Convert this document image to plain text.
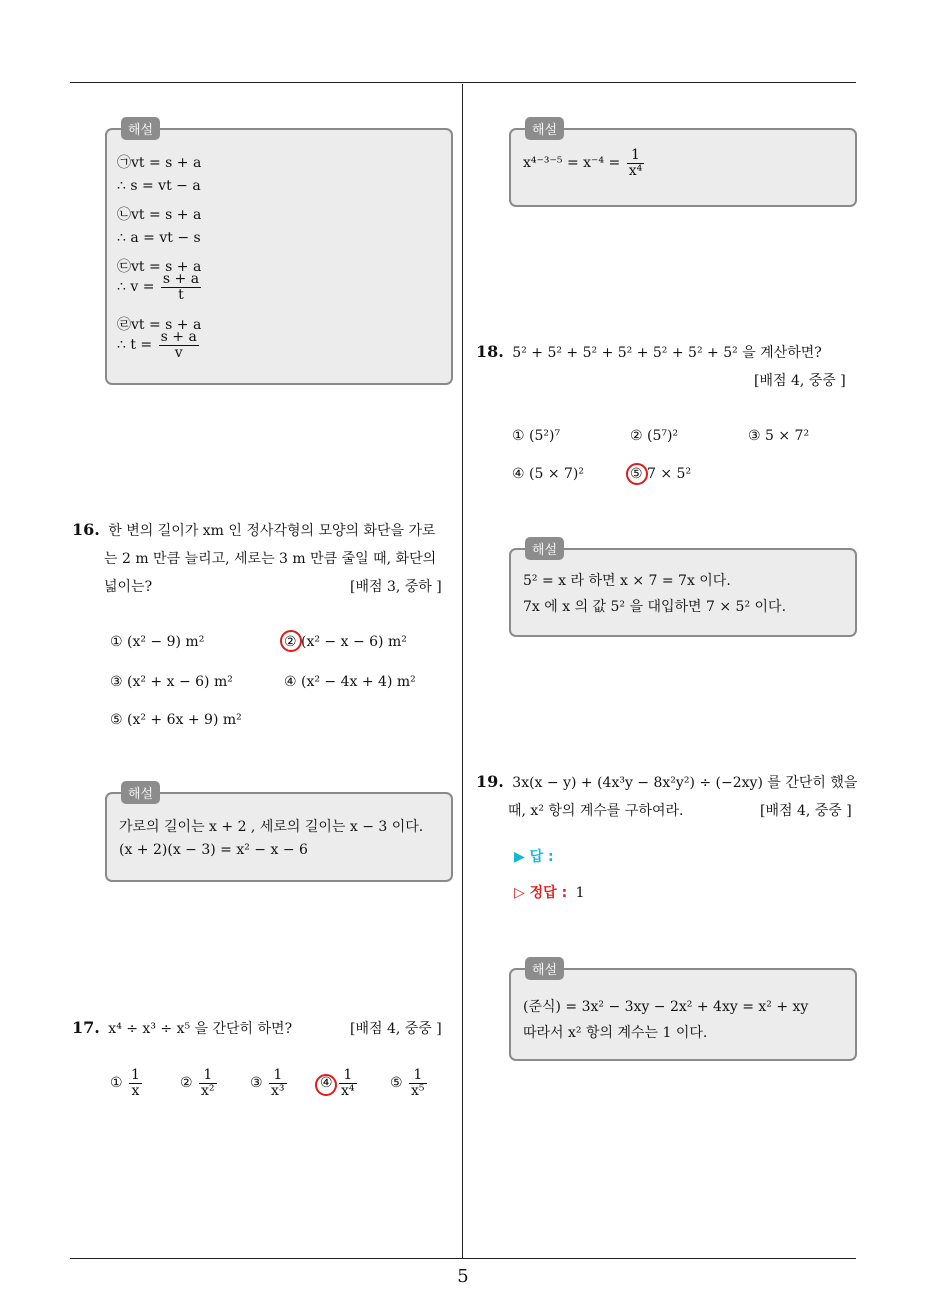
해설
㉠vt = s + a
∴ s = vt − a
㉡vt = s + a
∴ a = vt − s
㉢vt = s + a
∴ $v = \frac{s + a}{t}$
㉣vt = s + a
∴ $t = \frac{s + a}{v}$
16. 한 변의 길이가 xm 인 정사각형의 모양의 화단을 가로
는 2 m 만큼 늘리고, 세로는 3 m 만큼 줄일 때, 화단의
넓이는?	[배점 3, 중하 ]
① (x² − 9) m²	② (x² − x − 6) m²
③ (x² + x − 6) m²	④ (x² − 4x + 4) m²
⑤ (x² + 6x + 9) m²
해설
가로의 길이는 x + 2 , 세로의 길이는 x − 3 이다.
(x + 2)(x − 3) = x² − x − 6
17. x⁴ ÷ x³ ÷ x⁵ 을 간단히 하면?	[배점 4, 중중 ]
① $\frac{1}{x}$	② $\frac{1}{\text{x²}}$ ③ $\frac{1}{\text{x³}}$ ④ $\frac{1}{\text{x⁴}}$ ⑤ $\frac{1}{\text{x⁵}}$
해설
$x^{4-3-5} = x^{-4} = \frac{1}{\text{x⁴}}$
18. 5² + 5² + 5² + 5² + 5² + 5² + 5² 을 계산하면?
[배점 4, 중중 ]
① (5²)⁷	② (5⁷)²	③ 5 × 7²
④ (5 × 7)²	⑤ 7 × 5²
해설
5² = x 라 하면 x × 7 = 7x 이다.
7x 에 x 의 값 5² 을 대입하면 7 × 5² 이다.
19. 3x(x − y) + (4x³y − 8x²y²) ÷ (−2xy) 를 간단히 했을
때, x² 항의 계수를 구하여라.	[배점 4, 중중 ]
▶ 답 :
▷ 정답 : 1
해설
(준식) = 3x² − 3xy − 2x² + 4xy = x² + xy
따라서 x² 항의 계수는 1 이다.
5
